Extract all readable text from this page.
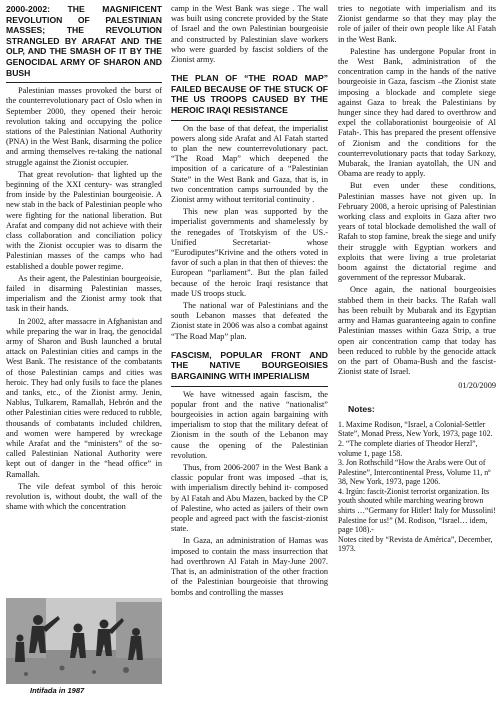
2000-2002: THE MAGNIFICENT REVOLUTION OF PALESTINIAN MASSES; THE REVOLUTION STRANGLED BY ARAFAT AND THE OLP, AND THE SMASH OF IT BY THE GENOCIDAL ARMY OF SHARON AND BUSH

Palestinian masses provoked the burst of the counterrevolutionary pact of Oslo when in September 2000, they opened their heroic revolution taking and occupying the police stations of the Palestinian National Authority (PNA) in the West Bank, disarming the police and arming themselves re-taking the national struggle against the Zionist occupier.

That great revolution- that lighted up the beginning of the XXI century- was strangled from inside by the Palestinian bourgeoisie. A new stab in the back of Palestinian people who were fighting for the national liberation. But Arafat and company did not achieve with their class collaboration and conciliation policy with the Zionist occupier was to disarm the Palestinian masses of the camps who had established a double power regime.

As their agent, the Palestinian bourgeoisie, failed in disarming Palestinian masses, imperialism and the Zionist army took that task in their hands.

In 2002, after massacre in Afghanistan and while preparing the war in Iraq, the genocidal army of Sharon and Bush launched a brutal attack on Palestinian cities and camps in the West Bank. The resistance of the combatants of those Palestinian camps and cities was heroic. They had only fusils to face the planes and tanks, etc., of the Zionist army. Jenin, Nablus, Tulkarem, Ramallah, Hebrón and the other Palestinian cities were reduced to rubble, thousands of combatants included children, and women were hampered by wreckage while Arafat and the “ministers” of the so-called Palestinian National Authority were kept out of danger in the “head office” in Ramallah.

The vile defeat symbol of this heroic revolution is, without doubt, the wall of the shame with which the concentration

Intifada in 1987

camp in the West Bank was siege . The wall was built using concrete provided by the State of Israel and the own Palestinian bourgeoisie and constructed by Palestinian slave workers who were guarded by fascist soldiers of the Zionist army.

THE PLAN OF “THE ROAD MAP” FAILED BECAUSE OF THE STUCK OF THE US TROOPS CAUSED BY THE HEROIC IRAQI RESISTANCE

On the base of that defeat, the imperialist powers along side Arafat and Al Fatah started to plan the new counterrevolutionary pact. “The Road Map” which deepened the imposition of a caricature of a “Palestinian State” in the West Bank and Gaza, that is, in two concentration camps surrounded by the Zionist army without territorial continuity .

This new plan was supported by the imperialist governments and shamelessly by the renegades of Trotskyism of the US.-Unified Secretariat- whose “Eurodiputes”Krivine and the others voted in favor of such a plan in that then of thieves: the European “parliament”. But the plan failed because of the heroic Iraqi resistance that made US troops stuck.

The national war of Palestinians and the south Lebanon masses that defeated the Zionist state in 2006 was also a combat against “The Road Map” plan.

FASCISM, POPULAR FRONT AND THE NATIVE BOURGEOISIES BARGAINING WITH IMPERIALISM

We have witnessed again fascism, the popular front and the native “nationalist” bourgeoisies in action again bargaining with imperialism to stop that the military defeat of Zionism in the south of the Lebanon may cause the opening of the Palestinian revolution.

Thus, from 2006-2007 in the West Bank a classic popular front was imposed –that is, with imperialism directly behind it- composed by Al Fatah and Abu Mazen, backed by the CP of Palestine, who acted as jailers of their own people and agreed pact with the fascist-zionist state.

In Gaza, an administration of Hamas was imposed to contain the mass insurrection that had overthrown Al Fatah in May-June 2007. That is, an administration of the other fraction of the Palestinian bourgeoisie that throwing bombs and controlling the masses

tries to negotiate with imperialism and its Zionist gendarme so that they may play the role of jailer of their own people like Al Fatah in the West Bank.

Palestine has undergone Popular front in the West Bank, administration of the concentration camp in the hands of the native bourgeoisie in Gaza, fascism –the Zionist state imposing a blockade and complete siege against Gaza to break the Palestinians by hunger since they had dared to overthrow and expel the collaborationist bourgeoisie of Al Fatah-. This has prepared the present offensive of Zionism and the conditions for the counterrevolutionary pacts that today Sarkozy, Mubarak, the Iranian ayatollah, the UN and Obama are ready to apply.

But even under these conditions, Palestinian masses have not given up. In February 2008, a heroic uprising of Palestinian working class and exploits in Gaza after two years of total blockade demolished the wall of Rafah to stop famine, break the siege and unify their struggle with Egyptian workers and exploits that were living a true proletariat boom against the dictatorial regime and government of the repressor Mubarak.

Once again, the national bourgeoisies stabbed them in their backs. The Rafah wall has been rebuilt by Mubarak and its Egyptian army and Hamas guaranteeing again to confine Palestinian masses within Gaza Strip, a true open air concentration camp that today has been reduced to rubble by the genocide attack on the part of Obama-Bush and the fascist-Zionist state of Israel.

01/20/2009
Notes:

1. Maxime Rodison, “Israel, a Colonial-Settler State”, Monad Press, New York, 1973, page 102.

2. “The complete diaries of Theodor Herzl”, volume 1, page 158.

3. Jon Rothschild “How the Arabs were Out of Palestine”, Intercontinental Press, Volume 11, nº 38, New York, 1973, page 1206.

4. Irgún: fascit-Zionist terrorist organization. Its youth shouted while marching wearing brown shirts …“Germany for Hitler! Italy for Mussolini! Palestine for us!” (M. Rodison, “Israel… idem, page 108).-

Notes cited by “Revista de América”, December, 1973.
